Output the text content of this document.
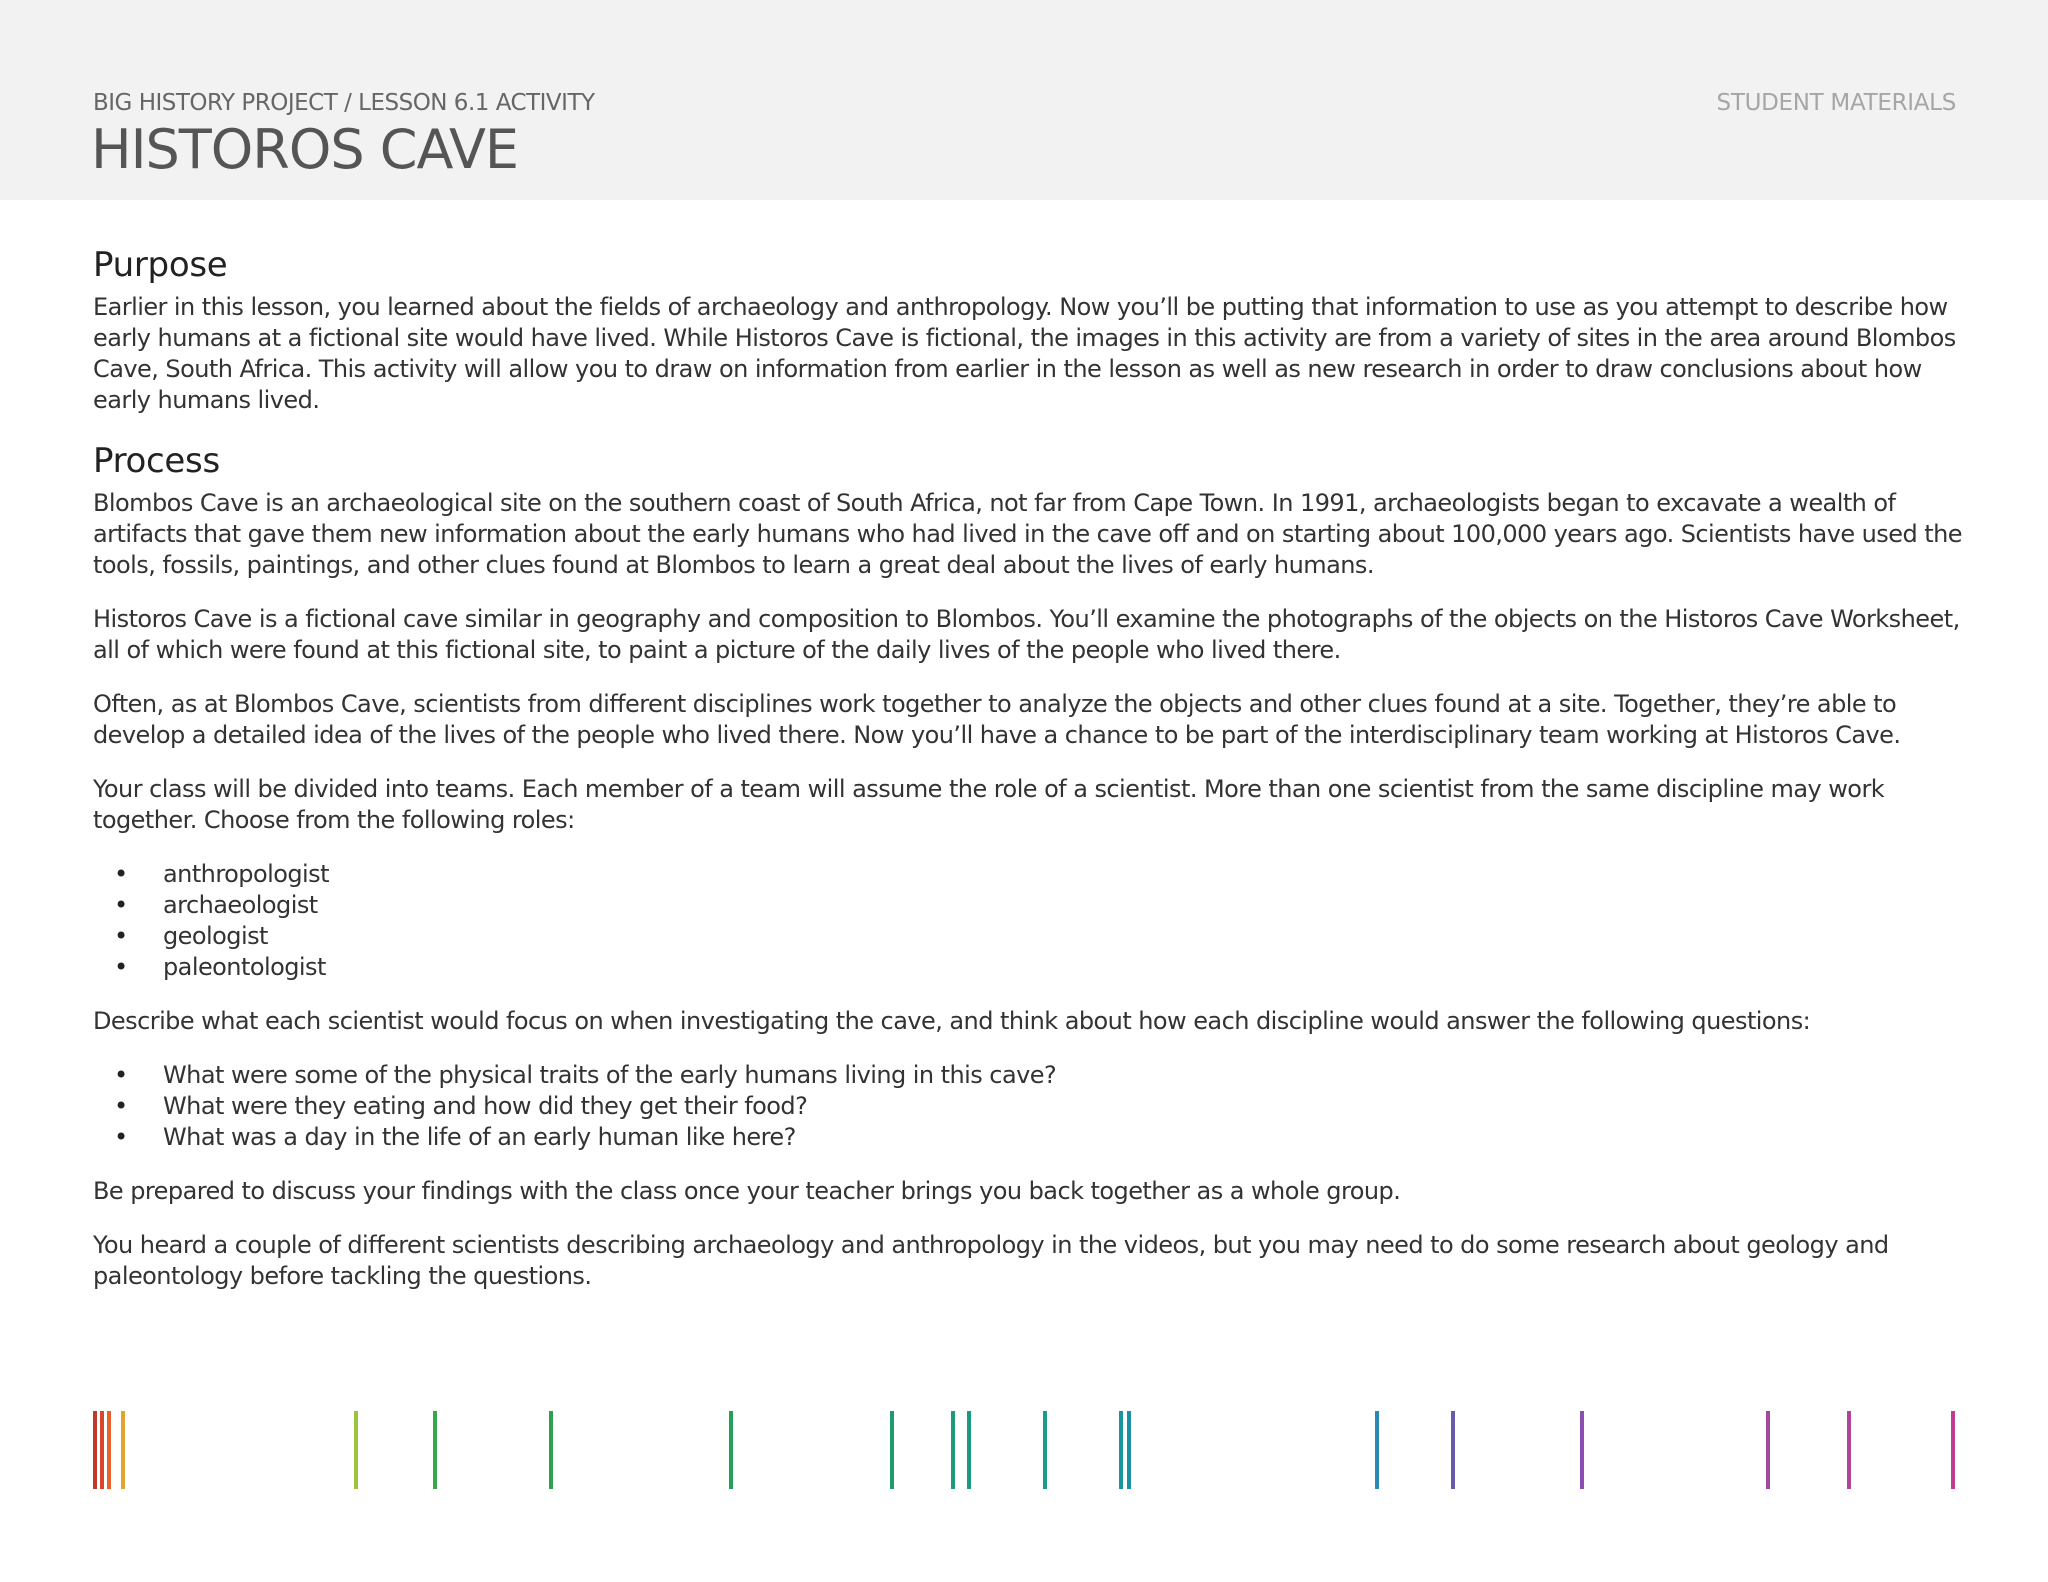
BIG HISTORY PROJECT / LESSON 6.1 ACTIVITY	STUDENT MATERIALS
HISTOROS CAVE
Purpose

Earlier in this lesson, you learned about the fields of archaeology and anthropology. Now you’ll be putting that information to use as you attempt to describe how early humans at a fictional site would have lived. While Historos Cave is fictional, the images in this activity are from a variety of sites in the area around Blombos Cave, South Africa. This activity will allow you to draw on information from earlier in the lesson as well as new research in order to draw conclusions about how early humans lived.

Process

Blombos Cave is an archaeological site on the southern coast of South Africa, not far from Cape Town. In 1991, archaeologists began to excavate a wealth of artifacts that gave them new information about the early humans who had lived in the cave off and on starting about 100,000 years ago. Scientists have used the tools, fossils, paintings, and other clues found at Blombos to learn a great deal about the lives of early humans.

Historos Cave is a fictional cave similar in geography and composition to Blombos. You’ll examine the photographs of the objects on the Historos Cave Worksheet, all of which were found at this fictional site, to paint a picture of the daily lives of the people who lived there.

Often, as at Blombos Cave, scientists from different disciplines work together to analyze the objects and other clues found at a site. Together, they’re able to develop a detailed idea of the lives of the people who lived there. Now you’ll have a chance to be part of the interdisciplinary team working at Historos Cave.

Your class will be divided into teams. Each member of a team will assume the role of a scientist. More than one scientist from the same discipline may work together. Choose from the following roles:

• anthropologist
• archaeologist
• geologist
• paleontologist

Describe what each scientist would focus on when investigating the cave, and think about how each discipline would answer the following questions:

• What were some of the physical traits of the early humans living in this cave?
• What were they eating and how did they get their food?
• What was a day in the life of an early human like here?

Be prepared to discuss your findings with the class once your teacher brings you back together as a whole group.

You heard a couple of different scientists describing archaeology and anthropology in the videos, but you may need to do some research about geology and paleontology before tackling the questions.
